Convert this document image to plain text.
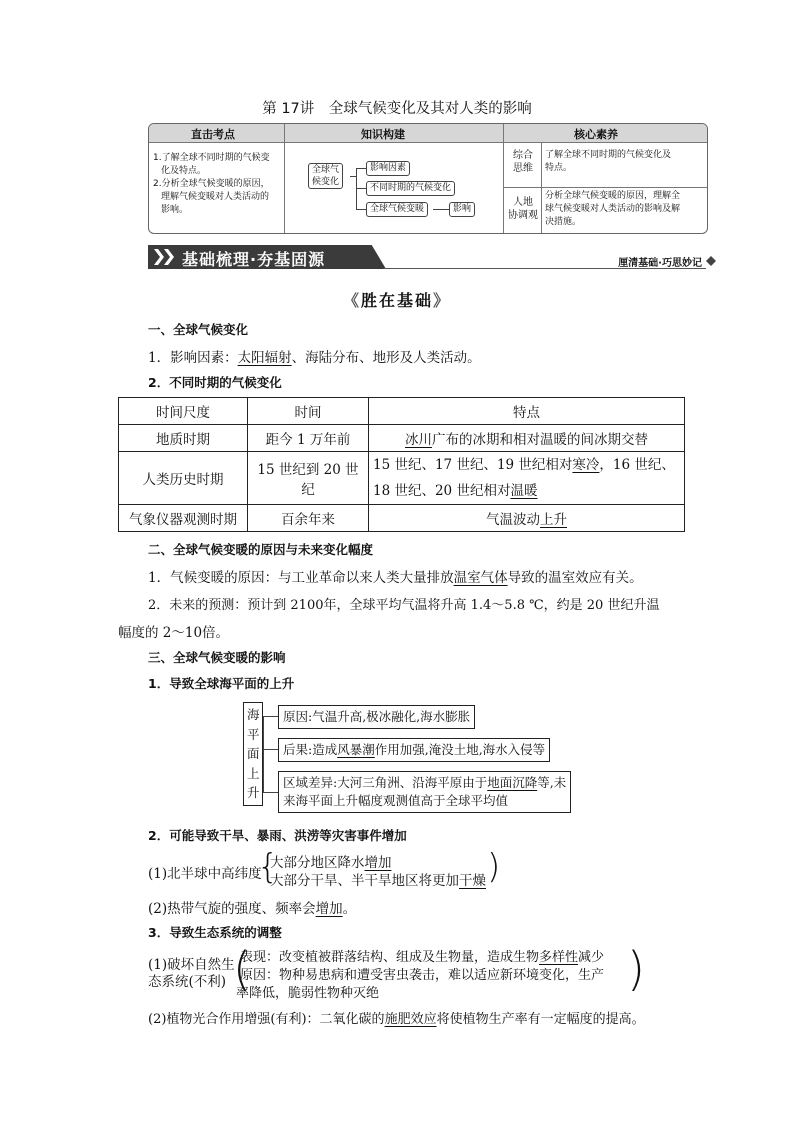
第 17讲　全球气候变化及其对人类的影响
直击考点	知识构建	核心素养
1.了解全球不同时期的气候变
化及特点。
2.分析全球气候变暖的原因，
理解气候变暖对人类活动的
影响。
全球气
候变化
影响因素
不同时期的气候变化
全球气候变暖	影响
综合
思维
了解全球不同时期的气候变化及
特点。
人地
协调观
分析全球气候变暖的原因，理解全
球气候变暖对人类活动的影响及解
决措施。
基础梳理·夯基固源	厘清基础·巧思妙记
《胜在基础》
一、全球气候变化
1．影响因素：太阳辐射、海陆分布、地形及人类活动。
2．不同时期的气候变化
时间尺度	时间	特点
地质时期	距今 1 万年前	冰川广布的冰期和相对温暖的间冰期交替
人类历史时期	15 世纪到 20 世纪	15 世纪、17 世纪、19 世纪相对寒冷，16 世纪、
18 世纪、20 世纪相对温暖

气象仪器观测时期	百余年来	气温波动上升
二、全球气候变暖的原因与未来变化幅度
1．气候变暖的原因：与工业革命以来人类大量排放温室气体导致的温室效应有关。
2．未来的预测：预计到 2100年，全球平均气温将升高 1.4～5.8 ℃，约是 20 世纪升温
幅度的 2～10倍。
三、全球气候变暖的影响
1．导致全球海平面的上升
海
平
面
上
升
原因:气温升高,极冰融化,海水膨胀
后果:造成风暴潮作用加强,淹没土地,海水入侵等
区域差异:大河三角洲、沿海平原由于地面沉降等,未
来海平面上升幅度观测值高于全球平均值
2．可能导致干旱、暴雨、洪涝等灾害事件增加
(1)北半球中高纬度
{
大部分地区降水增加
大部分干旱、半干旱地区将更加干燥 )
(2)热带气旋的强度、频率会增加。
3．导致生态系统的调整
(1)破坏自然生
态系统(不利) (
表现：改变植被群落结构、组成及生物量，造成生物多样性减少
原因：物种易患病和遭受害虫袭击，难以适应新环境变化，生产
率降低，脆弱性物种灭绝	)
(2)植物光合作用增强(有利)：二氧化碳的施肥效应将使植物生产率有一定幅度的提高。
